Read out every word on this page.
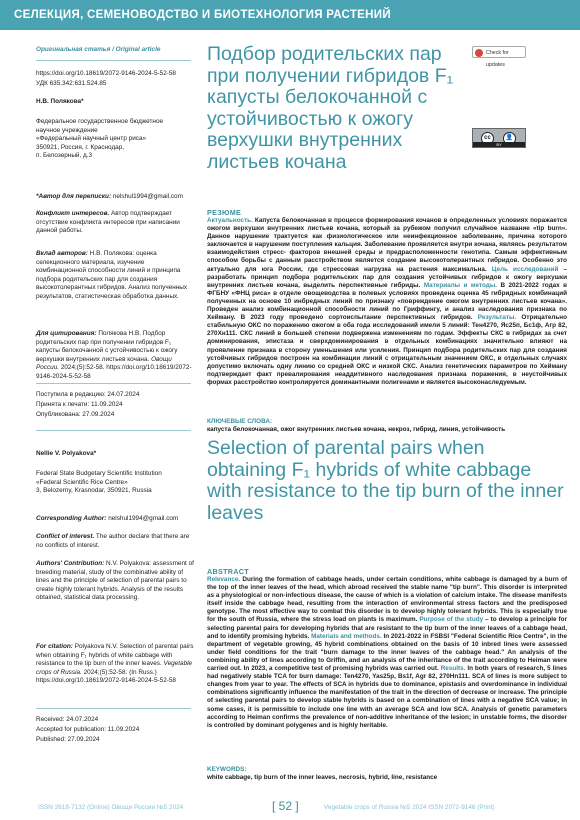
СЕЛЕКЦИЯ, СЕМЕНОВОДСТВО И БИОТЕХНОЛОГИЯ РАСТЕНИЙ
Оригинальная статья / Original article
https://doi.org/10.18619/2072-9146-2024-5-52-58
УДК 635.342:631.524.85
Н.В. Полякова*
Федеральное государственное бюджетное
научное учреждение
«Федеральный научный центр риса»
350921, Россия, г. Краснодар,
п. Белозерный, д.3
*Автор для переписки: nelshul1994@gmail.com
Конфликт интересов. Автор подтверждает отсутствие конфликта интересов при написании данной работы.
Вклад авторов: Н.В. Полякова: оценка селекционного материала, изучение комбинационной способности линий и принципа подбора родительских пар для создания высокотолерантных гибридов. Анализ полученных результатов, статистическая обработка данных.
Для цитирования: Полякова Н.В. Подбор родительских пар при получении гибридов F₁ капусты белокочанной с устойчивостью к ожогу верхушки внутренних листьев кочана. Овощи России. 2024;(5):52-58. https://doi.org/10.18619/2072-9146-2024-5-52-58
Поступила в редакцию: 24.07.2024
Принята к печати: 11.09.2024
Опубликована: 27.09.2024
Nellie V. Polyakova*
Federal State Budgetary Scientific Institution
«Federal Scientific Rice Centre»
3, Belozerny, Krasnodar, 350921, Russia
Corresponding Author: nelshul1994@gmail.com
Conflict of interest. The author declare that there are no conflicts of interest.
Authors' Contribution: N.V. Polyakova: assessment of breeding material, study of the combinative ability of lines and the principle of selection of parental pairs to create highly tolerant hybrids. Analysis of the results obtained, statistical data processing.
For citation: Polyakova N.V. Selection of parental pairs when obtaining F₁ hybrids of white cabbage with resistance to the tip burn of the inner leaves. Vegetable crops of Russia. 2024;(5):52-58. (In Russ.) https://doi.org/10.18619/2072-9146-2024-5-52-58
Received: 24.07.2024
Accepted for publication: 11.09.2024
Published: 27.09.2024
Check for updates
cc	👤
BY
Подбор родительских пар при получении гибридов F₁ капусты белокочанной с устойчивостью к ожогу верхушки внутренних листьев кочана
РЕЗЮМЕ
Актуальность. Капуста белокочанная в процессе формирования кочанов в определенных условиях поражается ожогом верхушки внутренних листьев кочана, который за рубежом получил случайное название «tip burn». Данное нарушение трактуется как физиологическое или неинфекционное заболевание, причина которого заключается в нарушении поступления кальция. Заболевание проявляется внутри кочана, являясь результатом взаимодействия стресс- факторов внешней среды и предрасположенности генотипа. Самым эффективным способом борьбы с данным расстройством является создание высокотолерантных гибридов. Особенно это актуально для юга России, где стрессовая нагрузка на растения максимальна. Цель исследований – разработать принцип подбора родительских пар для создания устойчивых гибридов к ожогу верхушки внутренних листьев кочана, выделить перспективные гибриды. Материалы и методы. В 2021-2022 годах в ФГБНУ «ФНЦ риса» в отделе овощеводства в полевых условиях проведена оценка 45 гибридных комбинаций полученных на основе 10 инбредных линий по признаку «повреждение ожогом внутренних листьев кочана». Проведен анализ комбинационной способности линий по Гриффингу, и анализ наследования признака по Хейману. В 2023 году проведено сортоиспытание перспективных гибридов. Результаты. Отрицательно стабильную ОКС по поражению ожогом в оба года исследований имели 5 линий: Тен4270, Яс25п, Бс1ф, Агр 82, 270Хн111. СКС линий в большей степени подвержена изменениям по годам. Эффекты СКС в гибридах за счет доминирования, эпистаза и сверхдоминирования в отдельных комбинациях значительно влияют на проявление признака в сторону уменьшения или усиления. Принцип подбора родительских пар для создания устойчивых гибридов построен на комбинации линий с отрицательным значением ОКС, в отдельных случаях допустимо включать одну линию со средней ОКС и низкой СКС. Анализ генетических параметров по Хейману подтверждает факт превалирования неаддитивного наследования признака поражения, в неустойчивых формах расстройство контролируется доминантными полигенами и является высоконаследуемым.
КЛЮЧЕВЫЕ СЛОВА:
капуста белокочанная, ожог внутренних листьев кочана, некроз, гибрид, линия, устойчивость
Selection of parental pairs when obtaining F₁ hybrids of white cabbage with resistance to the tip burn of the inner leaves
ABSTRACT
Relevance. During the formation of cabbage heads, under certain conditions, white cabbage is damaged by a burn of the top of the inner leaves of the head, which abroad received the stable name "tip burn". This disorder is interpreted as a physiological or non-infectious disease, the cause of which is a violation of calcium intake. The disease manifests itself inside the cabbage head, resulting from the interaction of environmental stress factors and the predisposed genotype. The most effective way to combat this disorder is to develop highly tolerant hybrids. This is especially true for the south of Russia, where the stress load on plants is maximum. Purpose of the study – to develop a principle for selecting parental pairs for developing hybrids that are resistant to the tip burn of the inner leaves of a cabbage head, and to identify promising hybrids. Materials and methods. In 2021-2022 in FSBSI "Federal Scientific Rice Centre", in the department of vegetable growing, 45 hybrid combinations obtained on the basis of 10 inbred lines were assessed under field conditions for the trait "burn damage to the inner leaves of the cabbage head." An analysis of the combining ability of lines according to Griffin, and an analysis of the inheritance of the trait according to Heiman were carried out. In 2023, a competitive test of promising hybrids was carried out. Results. In both years of research, 5 lines had negatively stable TCA for burn damage: Ten4270, Yas25p, Bs1f, Agr 82, 270Hn111. SCA of lines is more subject to changes from year to year. The effects of SCA in hybrids due to dominance, epistasis and overdominance in individual combinations significantly influence the manifestation of the trait in the direction of decrease or increase. The principle of selecting parental pairs to develop stable hybrids is based on a combination of lines with a negative SCA value; in some cases, it is permissible to include one line with an average SCA and low SCA. Analysis of genetic parameters according to Heiman confirms the prevalence of non-additive inheritance of the lesion; in unstable forms, the disorder is controlled by dominant polygenes and is highly heritable.
KEYWORDS:
white cabbage, tip burn of the inner leaves, necrosis, hybrid, line, resistance
ISSN 2618-7132 (Online) Овощи России №5 2024	[ 52 ]	Vegetable crops of Russia №5 2024 ISSN 2072-9146 (Print)
